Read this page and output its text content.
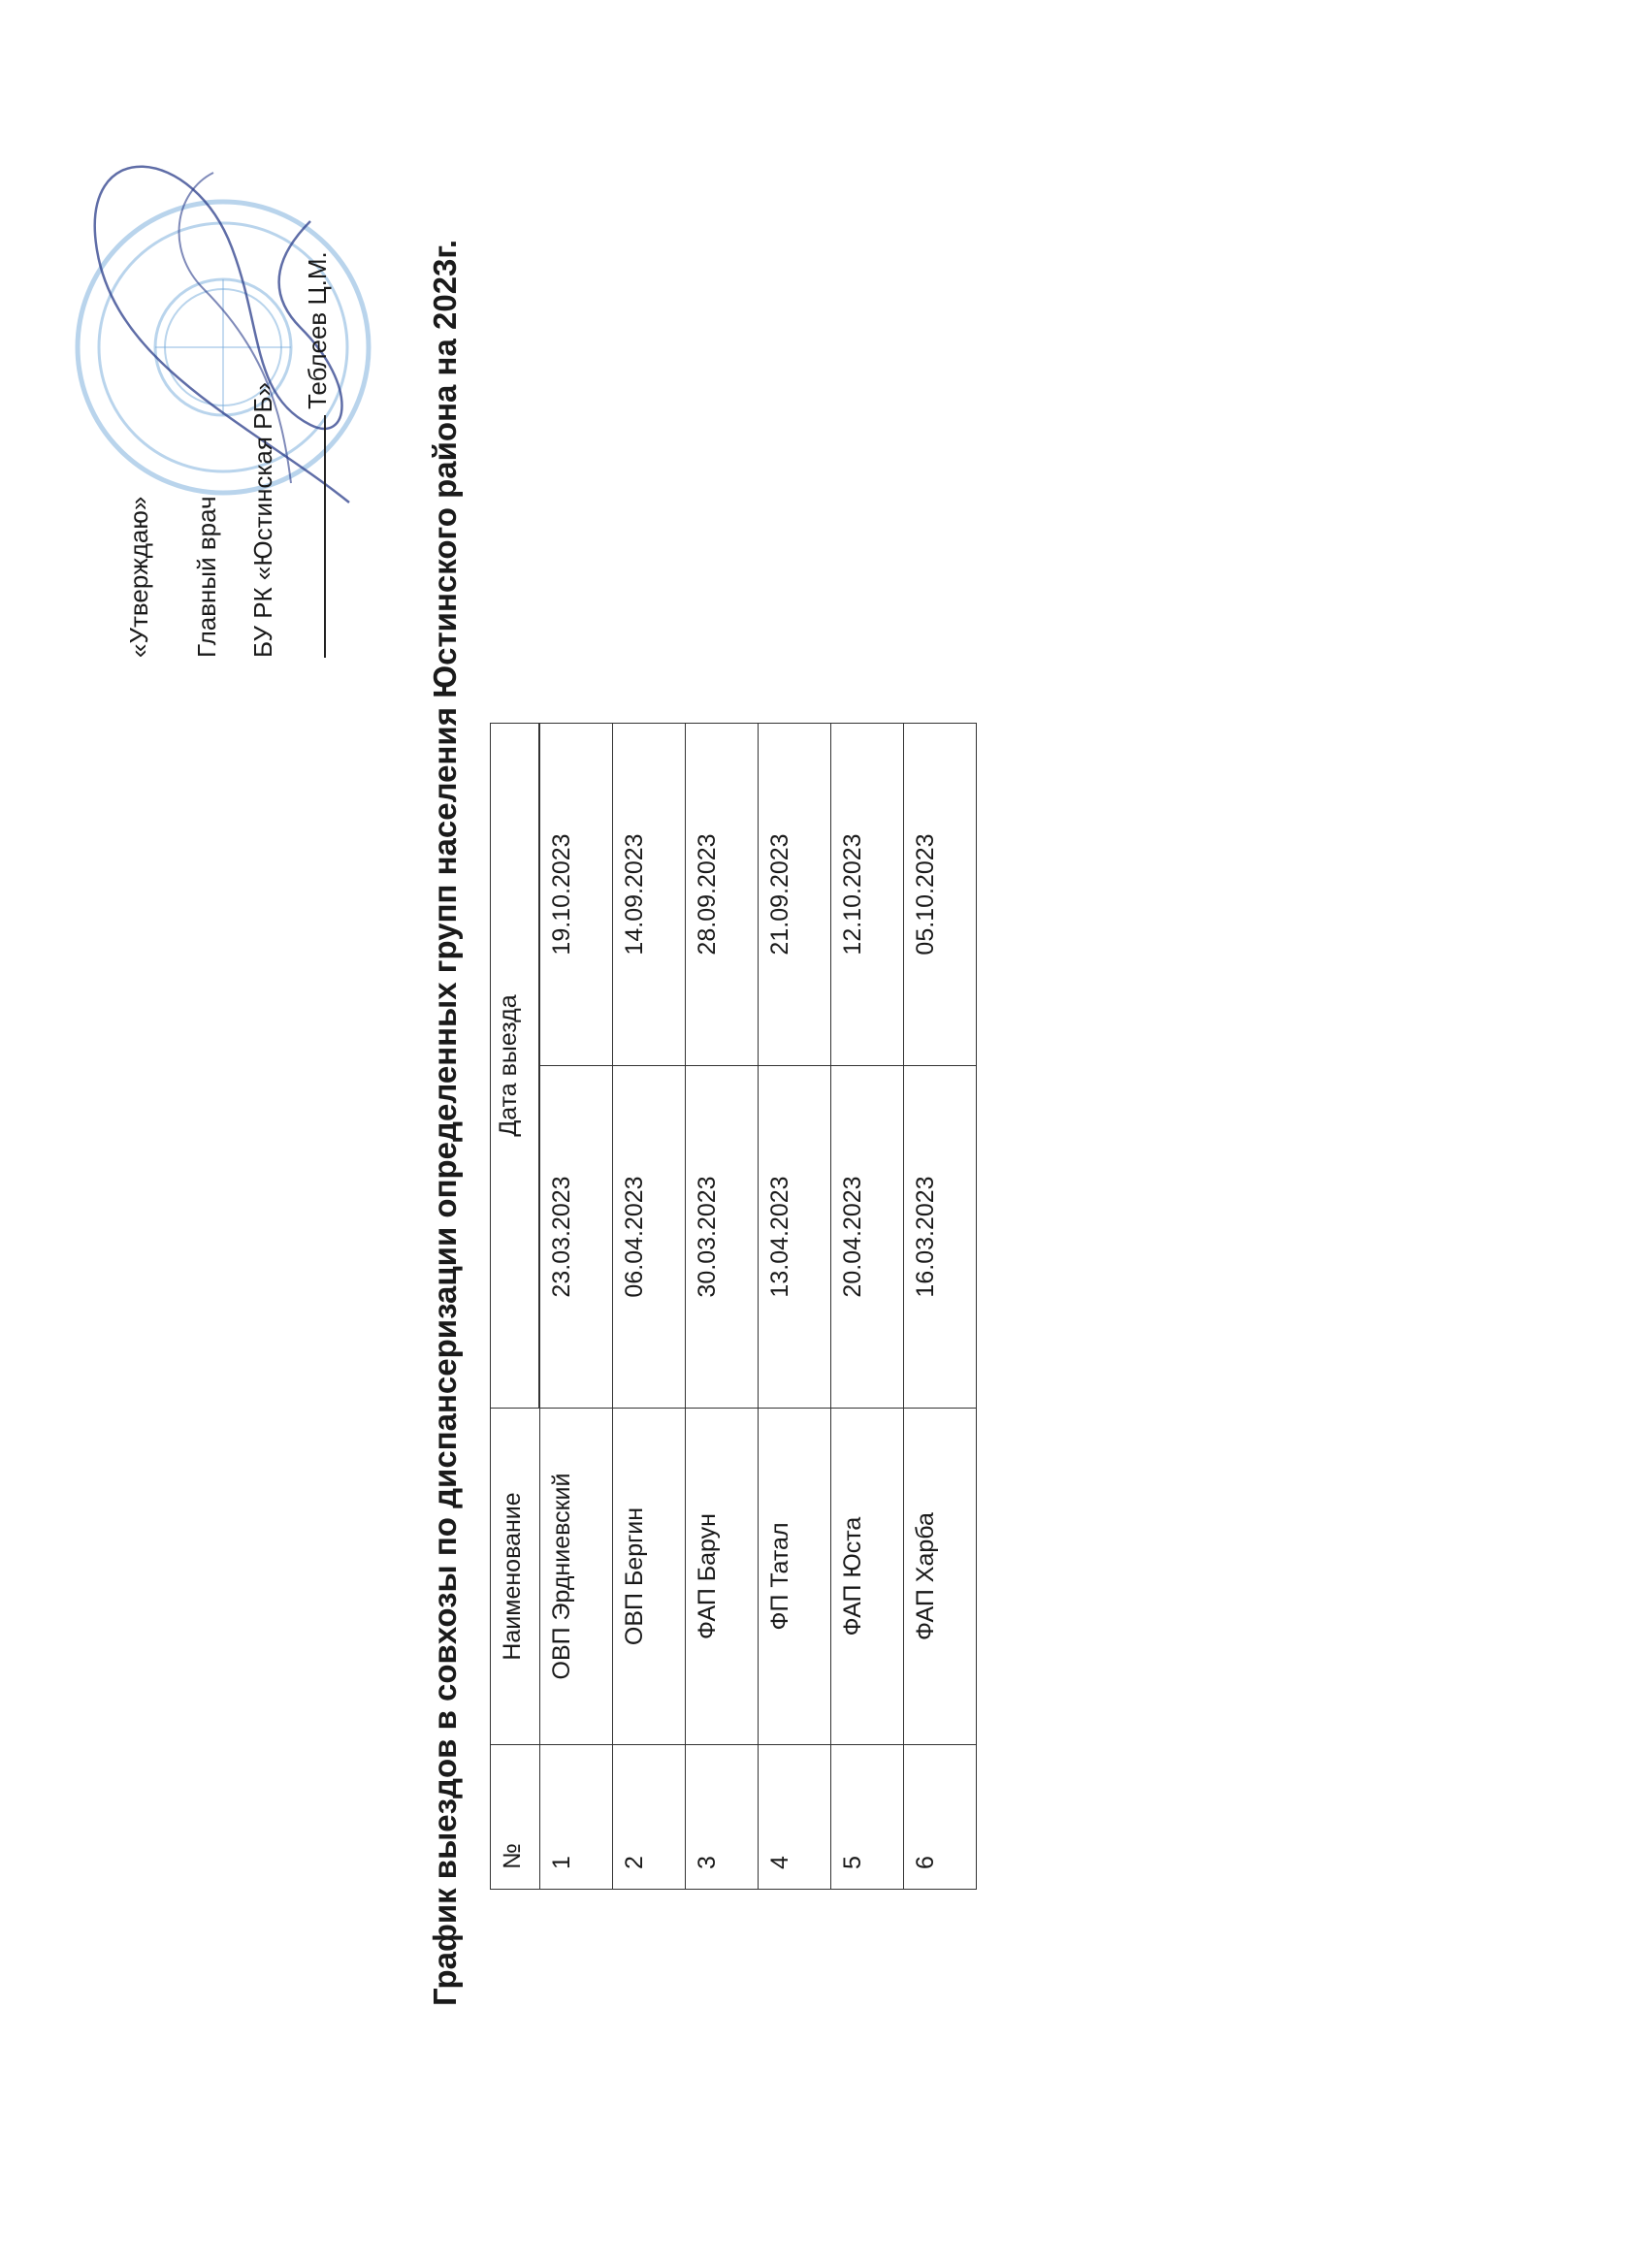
«Утверждаю» Главный врач БУ РК «Юстинская РБ»
Теблеев Ц.М.	График выездов в совхозы по диспансеризации определенных групп населения Юстинского района на 2023г. №	Наименование	Дата выезда	

1	ОВП Эрдниевский	23.03.2023	19.10.2023
2	ОВП Бергин	06.04.2023	14.09.2023
3	ФАП Барун	30.03.2023	28.09.2023
4	ФП Татал	13.04.2023	21.09.2023
5	ФАП Юста	20.04.2023	12.10.2023
6	ФАП Харба	16.03.2023	05.10.2023
